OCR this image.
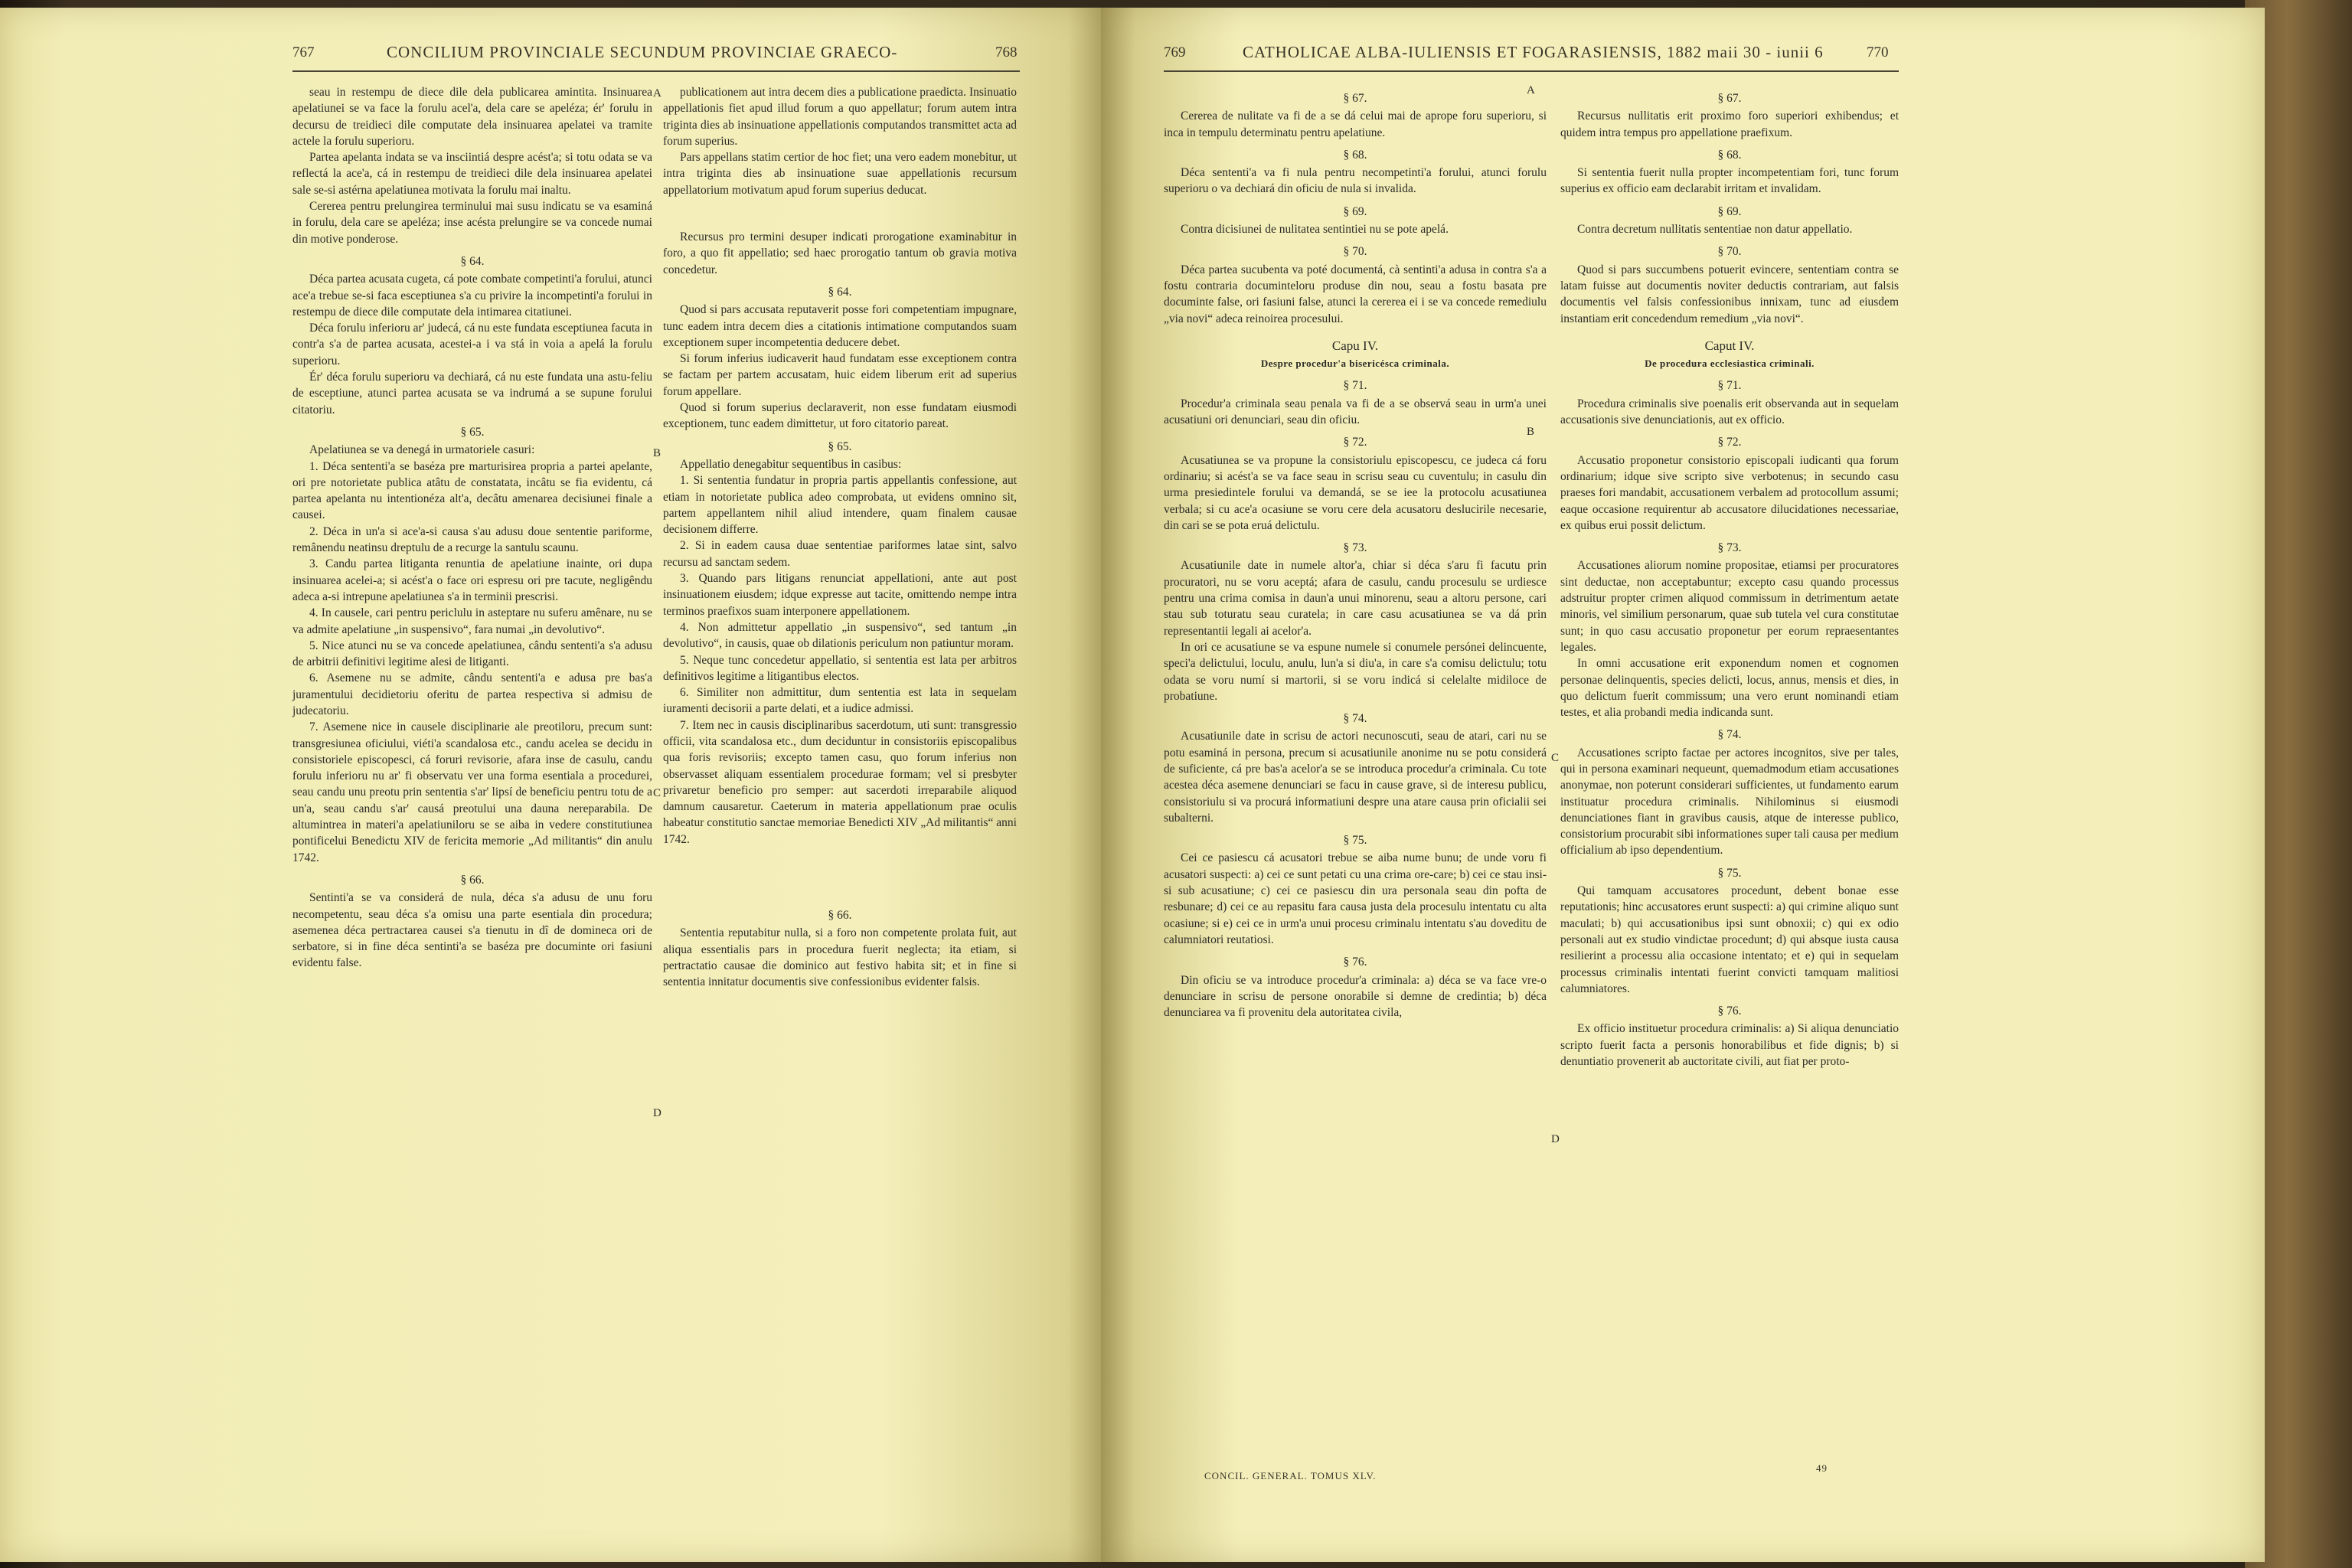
767	CONCILIUM PROVINCIALE SECUNDUM PROVINCIAE GRAECO-	768

seau in restempu de diece dile dela publicarea amintita. Insinuarea apelatiunei se va face la forulu acel'a, dela care se apeléza; ér' forulu in decursu de treidieci dile computate dela insinuarea apelatei va tramite actele la forulu superioru.

Partea apelanta indata se va insciintiá despre acést'a; si totu odata se va reflectá la ace'a, cá in restempu de treidieci dile dela insinuarea apelatei sale se-si astérna apelatiunea motivata la forulu mai inaltu.

Cererea pentru prelungirea terminului mai susu indicatu se va esaminá in forulu, dela care se apeléza; inse acésta prelungire se va concede numai din motive ponderose.

§ 64.

Déca partea acusata cugeta, cá pote combate competinti'a forului, atunci ace'a trebue se-si faca esceptiunea s'a cu privire la incompetinti'a forului in restempu de diece dile computate dela intimarea citatiunei.

Déca forulu inferioru ar' judecá, cá nu este fundata esceptiunea facuta in contr'a s'a de partea acusata, acestei-a i va stá in voia a apelá la forulu superioru.

Ér' déca forulu superioru va dechiará, cá nu este fundata una astu-feliu de esceptiune, atunci partea acusata se va indrumá a se supune forului citatoriu.

§ 65.

Apelatiunea se va denegá in urmatoriele casuri:

1. Déca sententi'a se baséza pre marturisirea propria a partei apelante, ori pre notorietate publica atâtu de constatata, incâtu se fia evidentu, cá partea apelanta nu intentionéza alt'a, decâtu amenarea decisiunei finale a causei.

2. Déca in un'a si ace'a-si causa s'au adusu doue sententie pariforme, remânendu neatinsu dreptulu de a recurge la santulu scaunu.

3. Candu partea litiganta renuntia de apelatiune inainte, ori dupa insinuarea acelei-a; si acést'a o face ori espresu ori pre tacute, negligêndu adeca a-si intrepune apelatiunea s'a in terminii prescrisi.

4. In causele, cari pentru periclulu in asteptare nu suferu amênare, nu se va admite apelatiune „in suspensivo“, fara numai „in devolutivo“.

5. Nice atunci nu se va concede apelatiunea, cându sententi'a s'a adusu de arbitrii definitivi legitime alesi de litiganti.

6. Asemene nu se admite, cându sententi'a e adusa pre bas'a juramentului decidietoriu oferitu de partea respectiva si admisu de judecatoriu.

7. Asemene nice in causele disciplinarie ale preotiloru, precum sunt: transgresiunea oficiului, viéti'a scandalosa etc., candu acelea se decidu in consistoriele episcopesci, cá foruri revisorie, afara inse de casulu, candu forulu inferioru nu ar' fi observatu ver una forma esentiala a procedurei, seau candu unu preotu prin sententia s'ar' lipsí de beneficiu pentru totu de a un'a, seau candu s'ar' causá preotului una dauna nereparabila. De altumintrea in materi'a apelatiuniloru se se aiba in vedere constitutiunea pontificelui Benedictu XIV de fericita memorie „Ad militantis“ din anulu 1742.

§ 66.

Sentinti'a se va considerá de nula, déca s'a adusu de unu foru necompetentu, seau déca s'a omisu una parte esentiala din procedura; asemenea déca pertractarea causei s'a tienutu in dî de domineca ori de serbatore, si in fine déca sentinti'a se baséza pre documinte ori fasiuni evidentu false.

publicationem aut intra decem dies a publicatione praedicta. Insinuatio appellationis fiet apud illud forum a quo appellatur; forum autem intra triginta dies ab insinuatione appellationis computandos transmittet acta ad forum superius.

Pars appellans statim certior de hoc fiet; una vero eadem monebitur, ut intra triginta dies ab insinuatione suae appellationis recursum appellatorium motivatum apud forum superius deducat.

Recursus pro termini desuper indicati prorogatione examinabitur in foro, a quo fit appellatio; sed haec prorogatio tantum ob gravia motiva concedetur.

§ 64.

Quod si pars accusata reputaverit posse fori competentiam impugnare, tunc eadem intra decem dies a citationis intimatione computandos suam exceptionem super incompetentia deducere debet.

Si forum inferius iudicaverit haud fundatam esse exceptionem contra se factam per partem accusatam, huic eidem liberum erit ad superius forum appellare.

Quod si forum superius declaraverit, non esse fundatam eiusmodi exceptionem, tunc eadem dimittetur, ut foro citatorio pareat.

§ 65.

Appellatio denegabitur sequentibus in casibus:

1. Si sententia fundatur in propria partis appellantis confessione, aut etiam in notorietate publica adeo comprobata, ut evidens omnino sit, partem appellantem nihil aliud intendere, quam finalem causae decisionem differre.

2. Si in eadem causa duae sententiae pariformes latae sint, salvo recursu ad sanctam sedem.

3. Quando pars litigans renunciat appellationi, ante aut post insinuationem eiusdem; idque expresse aut tacite, omittendo nempe intra terminos praefixos suam interponere appellationem.

4. Non admittetur appellatio „in suspensivo“, sed tantum „in devolutivo“, in causis, quae ob dilationis periculum non patiuntur moram.

5. Neque tunc concedetur appellatio, si sententia est lata per arbitros definitivos legitime a litigantibus electos.

6. Similiter non admittitur, dum sententia est lata in sequelam iuramenti decisorii a parte delati, et a iudice admissi.

7. Item nec in causis disciplinaribus sacerdotum, uti sunt: transgressio officii, vita scandalosa etc., dum deciduntur in consistoriis episcopalibus qua foris revisoriis; excepto tamen casu, quo forum inferius non observasset aliquam essentialem procedurae formam; vel si presbyter privaretur beneficio pro semper: aut sacerdoti irreparabile aliquod damnum causaretur. Caeterum in materia appellationum prae oculis habeatur constitutio sanctae memoriae Benedicti XIV „Ad militantis“ anni 1742.

§ 66.

Sententia reputabitur nulla, si a foro non competente prolata fuit, aut aliqua essentialis pars in procedura fuerit neglecta; ita etiam, si pertractatio causae die dominico aut festivo habita sit; et in fine si sententia innitatur documentis sive confessionibus evidenter falsis.

A
B
C
D
769	CATHOLICAE ALBA-IULIENSIS ET FOGARASIENSIS, 1882 maii 30 - iunii 6	770
§ 67.

Cererea de nulitate va fi de a se dá celui mai de aprope foru superioru, si inca in tempulu determinatu pentru apelatiune.

§ 68.

Déca sententi'a va fi nula pentru necompetinti'a forului, atunci forulu superioru o va dechiará din oficiu de nula si invalida.

§ 69.

Contra dicisiunei de nulitatea sentintiei nu se pote apelá.

§ 70.

Déca partea sucubenta va poté documentá, cà sentinti'a adusa in contra s'a a fostu contraria documinteloru produse din nou, seau a fostu basata pre documinte false, ori fasiuni false, atunci la cererea ei i se va concede remediulu „via novi“ adeca reinoirea procesului.

Capu IV.
Despre procedur'a bisericésca criminala.
§ 71.

Procedur'a criminala seau penala va fi de a se observá seau in urm'a unei acusatiuni ori denunciari, seau din oficiu.

§ 72.

Acusatiunea se va propune la consistoriulu episcopescu, ce judeca cá foru ordinariu; si acést'a se va face seau in scrisu seau cu cuventulu; in casulu din urma presiedintele forului va demandá, se se iee la protocolu acusatiunea verbala; si cu ace'a ocasiune se voru cere dela acusatoru deslucirile necesarie, din cari se se pota eruá delictulu.

§ 73.

Acusatiunile date in numele altor'a, chiar si déca s'aru fi facutu prin procuratori, nu se voru aceptá; afara de casulu, candu procesulu se urdiesce pentru una crima comisa in daun'a unui minorenu, seau a altoru persone, cari stau sub toturatu seau curatela; in care casu acusatiunea se va dá prin representantii legali ai acelor'a.

In ori ce acusatiune se va espune numele si conumele persónei delincuente, speci'a delictului, loculu, anulu, lun'a si diu'a, in care s'a comisu delictulu; totu odata se voru numí si martorii, si se voru indicá si celelalte midiloce de probatiune.

§ 74.

Acusatiunile date in scrisu de actori necunoscuti, seau de atari, cari nu se potu esaminá in persona, precum si acusatiunile anonime nu se potu considerá de suficiente, cá pre bas'a acelor'a se se introduca procedur'a criminala. Cu tote acestea déca asemene denunciari se facu in cause grave, si de interesu publicu, consistoriulu si va procurá informatiuni despre una atare causa prin oficialii sei subalterni.

§ 75.

Cei ce pasiescu cá acusatori trebue se aiba nume bunu; de unde voru fi acusatori suspecti: a) cei ce sunt petati cu una crima ore-care; b) cei ce stau insi-si sub acusatiune; c) cei ce pasiescu din ura personala seau din pofta de resbunare; d) cei ce au repasitu fara causa justa dela procesulu intentatu cu alta ocasiune; si e) cei ce in urm'a unui procesu criminalu intentatu s'au doveditu de calumniatori reutatiosi.

§ 76.

Din oficiu se va introduce procedur'a criminala: a) déca se va face vre-o denunciare in scrisu de persone onorabile si demne de credintia; b) déca denunciarea va fi provenitu dela autoritatea civila,

§ 67.

Recursus nullitatis erit proximo foro superiori exhibendus; et quidem intra tempus pro appellatione praefixum.

§ 68.

Si sententia fuerit nulla propter incompetentiam fori, tunc forum superius ex officio eam declarabit irritam et invalidam.

§ 69.

Contra decretum nullitatis sententiae non datur appellatio.

§ 70.

Quod si pars succumbens potuerit evincere, sententiam contra se latam fuisse aut documentis noviter deductis contrariam, aut falsis documentis vel falsis confessionibus innixam, tunc ad eiusdem instantiam erit concedendum remedium „via novi“.

Caput IV.
De procedura ecclesiastica criminali.
§ 71.

Procedura criminalis sive poenalis erit observanda aut in sequelam accusationis sive denunciationis, aut ex officio.

§ 72.

Accusatio proponetur consistorio episcopali iudicanti qua forum ordinarium; idque sive scripto sive verbotenus; in secundo casu praeses fori mandabit, accusationem verbalem ad protocollum assumi; eaque occasione requirentur ab accusatore dilucidationes necessariae, ex quibus erui possit delictum.

§ 73.

Accusationes aliorum nomine propositae, etiamsi per procuratores sint deductae, non acceptabuntur; excepto casu quando processus adstruitur propter crimen aliquod commissum in detrimentum aetate minoris, vel similium personarum, quae sub tutela vel cura constitutae sunt; in quo casu accusatio proponetur per eorum repraesentantes legales.

In omni accusatione erit exponendum nomen et cognomen personae delinquentis, species delicti, locus, annus, mensis et dies, in quo delictum fuerit commissum; una vero erunt nominandi etiam testes, et alia probandi media indicanda sunt.

§ 74.

Accusationes scripto factae per actores incognitos, sive per tales, qui in persona examinari nequeunt, quemadmodum etiam accusationes anonymae, non poterunt considerari sufficientes, ut fundamento earum instituatur procedura criminalis. Nihilominus si eiusmodi denunciationes fiant in gravibus causis, atque de interesse publico, consistorium procurabit sibi informationes super tali causa per medium officialium ab ipso dependentium.

§ 75.

Qui tamquam accusatores procedunt, debent bonae esse reputationis; hinc accusatores erunt suspecti: a) qui crimine aliquo sunt maculati; b) qui accusationibus ipsi sunt obnoxii; c) qui ex odio personali aut ex studio vindictae procedunt; d) qui absque iusta causa resilierint a processu alia occasione intentato; et e) qui in sequelam processus criminalis intentati fuerint convicti tamquam malitiosi calumniatores.

§ 76.

Ex officio instituetur procedura criminalis: a) Si aliqua denunciatio scripto fuerit facta a personis honorabilibus et fide dignis; b) si denuntiatio provenerit ab auctoritate civili, aut fiat per proto-

A
B
C
D
CONCIL. GENERAL. TOMUS XLV.
49
